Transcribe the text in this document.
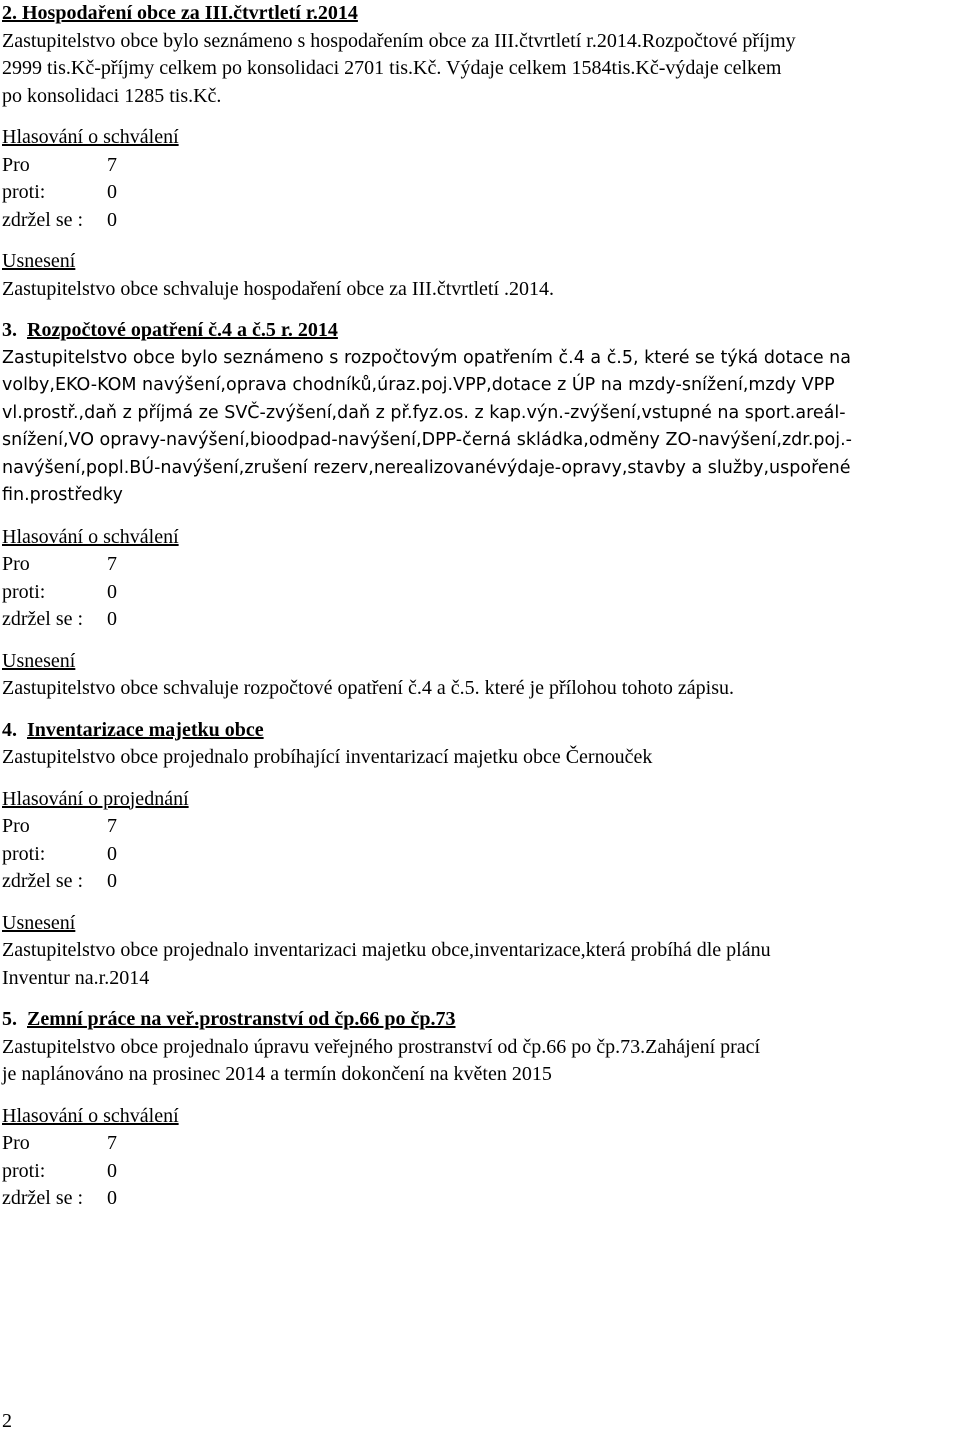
2. Hospodaření obce za III.čtvrtletí r.2014
Zastupitelstvo obce bylo seznámeno s hospodařením obce za III.čtvrtletí r.2014.Rozpočtové příjmy
2999 tis.Kč-příjmy celkem po konsolidaci 2701 tis.Kč. Výdaje celkem 1584tis.Kč-výdaje celkem
po konsolidaci 1285 tis.Kč.
Hlasování o schválení
Pro	7
proti:	0
zdržel se : 0
Usnesení
Zastupitelstvo obce schvaluje hospodaření obce za III.čtvrtletí .2014.
3. Rozpočtové opatření č.4 a č.5 r. 2014
Zastupitelstvo obce bylo seznámeno s rozpočtovým opatřením č.4 a č.5, které se týká dotace na
volby,EKO-KOM navýšení,oprava chodníků,úraz.poj.VPP,dotace z ÚP na mzdy-snížení,mzdy VPP
vl.prostř.,daň z příjmá ze SVČ-zvýšení,daň z př.fyz.os. z kap.výn.-zvýšení,vstupné na sport.areál-
snížení,VO opravy-navýšení,bioodpad-navýšení,DPP-černá skládka,odměny ZO-navýšení,zdr.poj.-
navýšení,popl.BÚ-navýšení,zrušení rezerv,nerealizovanévýdaje-opravy,stavby a služby,uspořené
fin.prostředky
Hlasování o schválení
Pro	7
proti:	0
zdržel se : 0
Usnesení
Zastupitelstvo obce schvaluje rozpočtové opatření č.4 a č.5. které je přílohou tohoto zápisu.
4. Inventarizace majetku obce
Zastupitelstvo obce projednalo probíhající inventarizací majetku obce Černouček
Hlasování o projednání
Pro	7
proti:	0
zdržel se : 0
Usnesení
Zastupitelstvo obce projednalo inventarizaci majetku obce,inventarizace,která probíhá dle plánu
Inventur na.r.2014
5. Zemní práce na veř.prostranství od čp.66 po čp.73
Zastupitelstvo obce projednalo úpravu veřejného prostranství od čp.66 po čp.73.Zahájení prací
je naplánováno na prosinec 2014 a termín dokončení na květen 2015
Hlasování o schválení
Pro	7
proti:	0
zdržel se : 0
2
